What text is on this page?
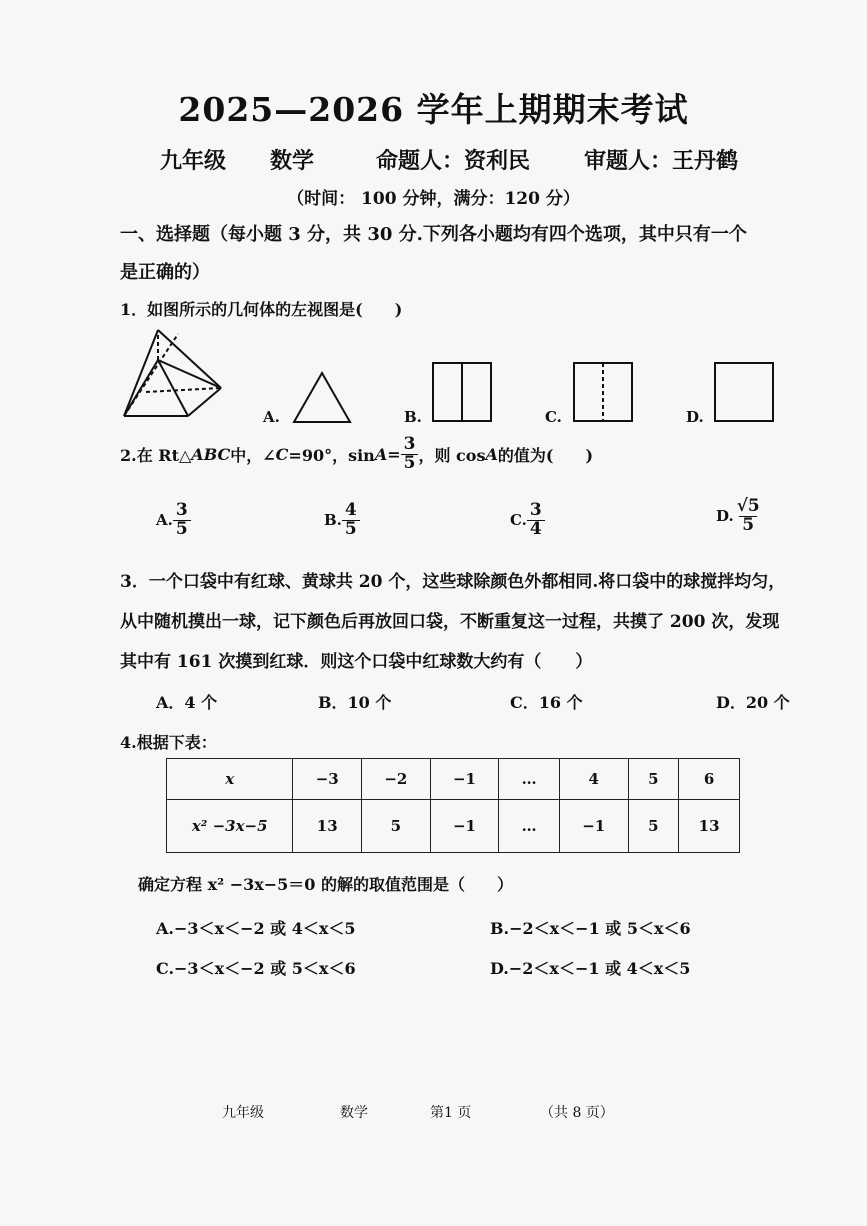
2025—2026 学年上期期末考试
九年级 数学	命题人：资利民 审题人：王丹鹤
（时间： 100 分钟，满分：120 分）
一、选择题（每小题 3 分，共 30 分.下列各小题均有四个选项，其中只有一个
是正确的）
1．如图所示的几何体的左视图是(　　)
A.	B.	C.	D.
2.在 Rt△ ABC 中，∠ C =90°，$\sin A = \frac{3}{5}$ ，则 cos A 的值为(　　)
A. $\frac{3}{5}$	B. $\frac{4}{5}$	C. $\frac{3}{4}$	D. $\frac{√5}{5}$
3．一个口袋中有红球、黄球共 20 个，这些球除颜色外都相同.将口袋中的球搅拌均匀，
从中随机摸出一球，记下颜色后再放回口袋，不断重复这一过程，共摸了 200 次，发现
其中有 161 次摸到红球．则这个口袋中红球数大约有（　　）
A．4 个	B．10 个	C．16 个	D．20 个
4.根据下表：
x	−3	−2	−1	…	4	5	6
x² −3x−5	13	5	−1	…	−1	5	13
确定方程 x² −3x−5＝0 的解的取值范围是（　　）
A.−3＜x＜−2 或 4＜x＜5	B.−2＜x＜−1 或 5＜x＜6
C.−3＜x＜−2 或 5＜x＜6	D.−2＜x＜−1 或 4＜x＜5
九年级	数学	第1 页	（共 8 页）
